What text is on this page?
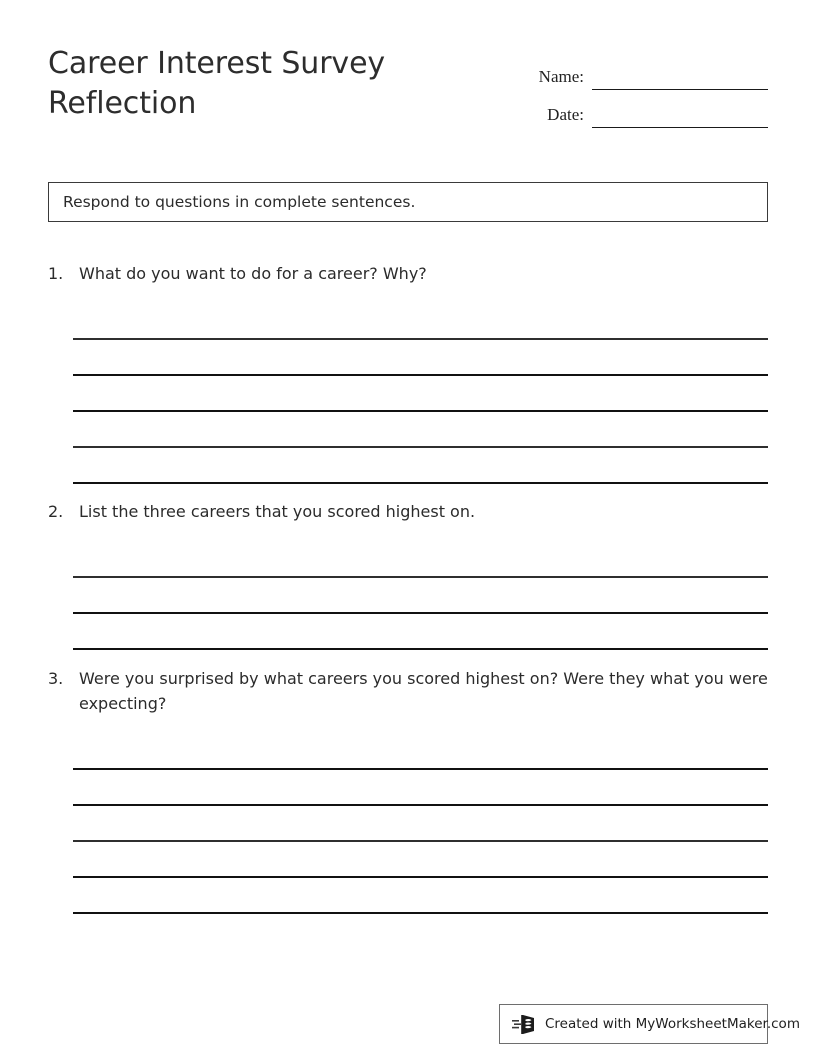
Career Interest Survey Reflection
Name:
Date:
Respond to questions in complete sentences.
1. What do you want to do for a career? Why?
2. List the three careers that you scored highest on.
3. Were you surprised by what careers you scored highest on? Were they what you were expecting?
Created with MyWorksheetMaker.com
